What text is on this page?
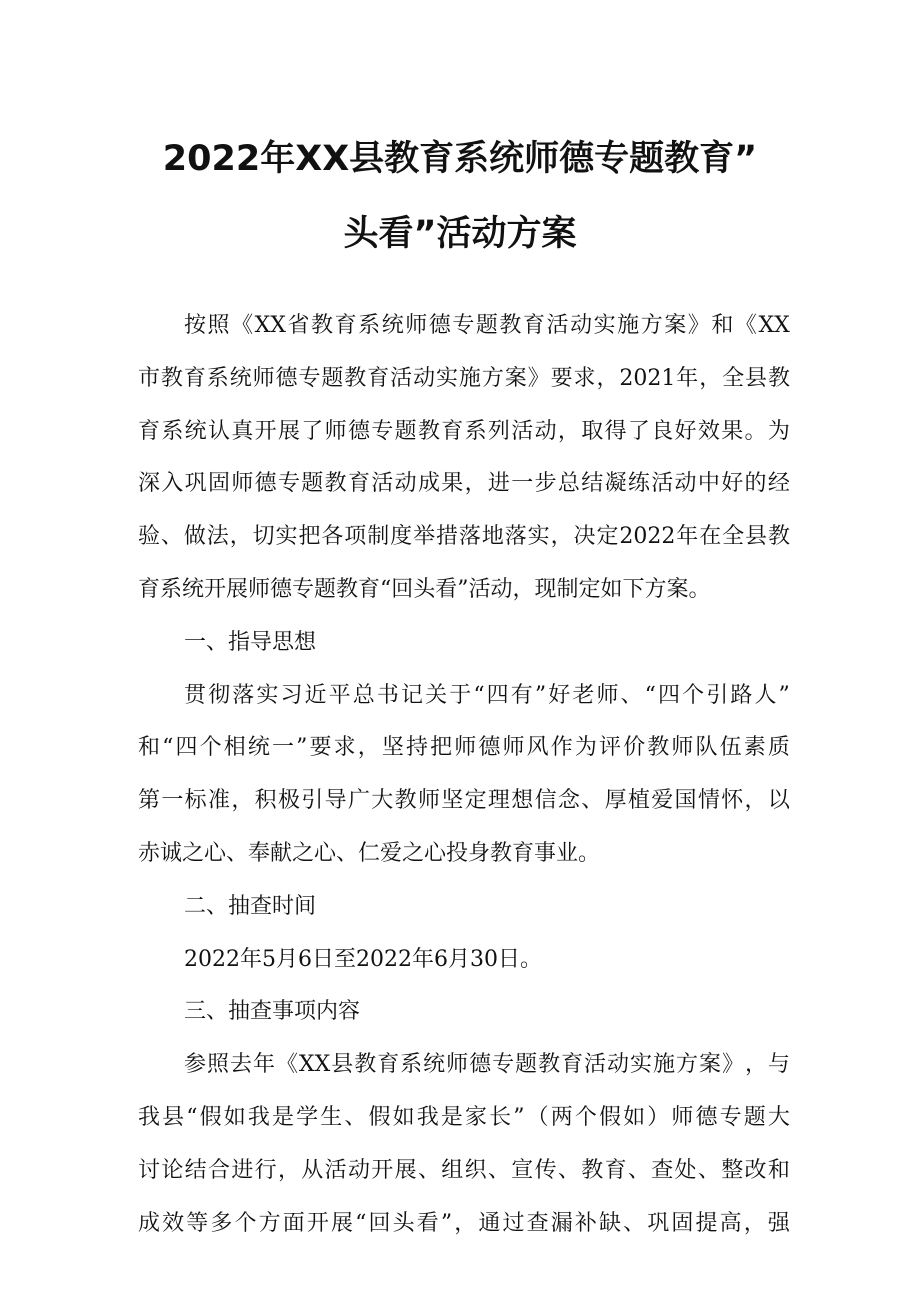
2022年XX县教育系统师德专题教育”
头看”活动方案
按 照 《 XX 省 教 育 系 统 师 德 专 题 教 育 活 动 实 施 方 案 》 和 《 XX
市 教 育 系 统 师 德 专 题 教 育 活 动 实 施 方 案 》 要 求 ， 2021 年 ， 全 县 教
育 系 统 认 真 开 展 了 师 德 专 题 教 育 系 列 活 动 ， 取 得 了 良 好 效 果 。 为
深 入 巩 固 师 德 专 题 教 育 活 动 成 果 ， 进 一 步 总 结 凝 练 活 动 中 好 的 经
验 、 做 法 ， 切 实 把 各 项 制 度 举 措 落 地 落 实 ， 决 定 2022 年 在 全 县 教
育系统开展师德专题教育“回头看”活动，现制定如下方案。
一、指导思想
贯 彻 落 实 习 近 平 总 书 记 关 于 “ 四 有 ” 好 老 师 、 “ 四 个 引 路 人 ”
和 “ 四 个 相 统 一 ” 要 求 ， 坚 持 把 师 德 师 风 作 为 评 价 教 师 队 伍 素 质
第 一 标 准 ， 积 极 引 导 广 大 教 师 坚 定 理 想 信 念 、 厚 植 爱 国 情 怀 ， 以
赤诚之心、奉献之心、仁爱之心投身教育事业。
二、抽查时间
2022年5月6日至2022年6月30日。
三、抽查事项内容
参 照 去 年 《 XX 县 教 育 系 统 师 德 专 题 教 育 活 动 实 施 方 案 》 ， 与
我 县 “ 假 如 我 是 学 生 、 假 如 我 是 家 长 ” （ 两 个 假 如 ） 师 德 专 题 大
讨 论 结 合 进 行 ， 从 活 动 开 展 、 组 织 、 宣 传 、 教 育 、 查 处 、 整 改 和
成 效 等 多 个 方 面 开 展 “ 回 头 看 ” ， 通 过 查 漏 补 缺 、 巩 固 提 高 ， 强
